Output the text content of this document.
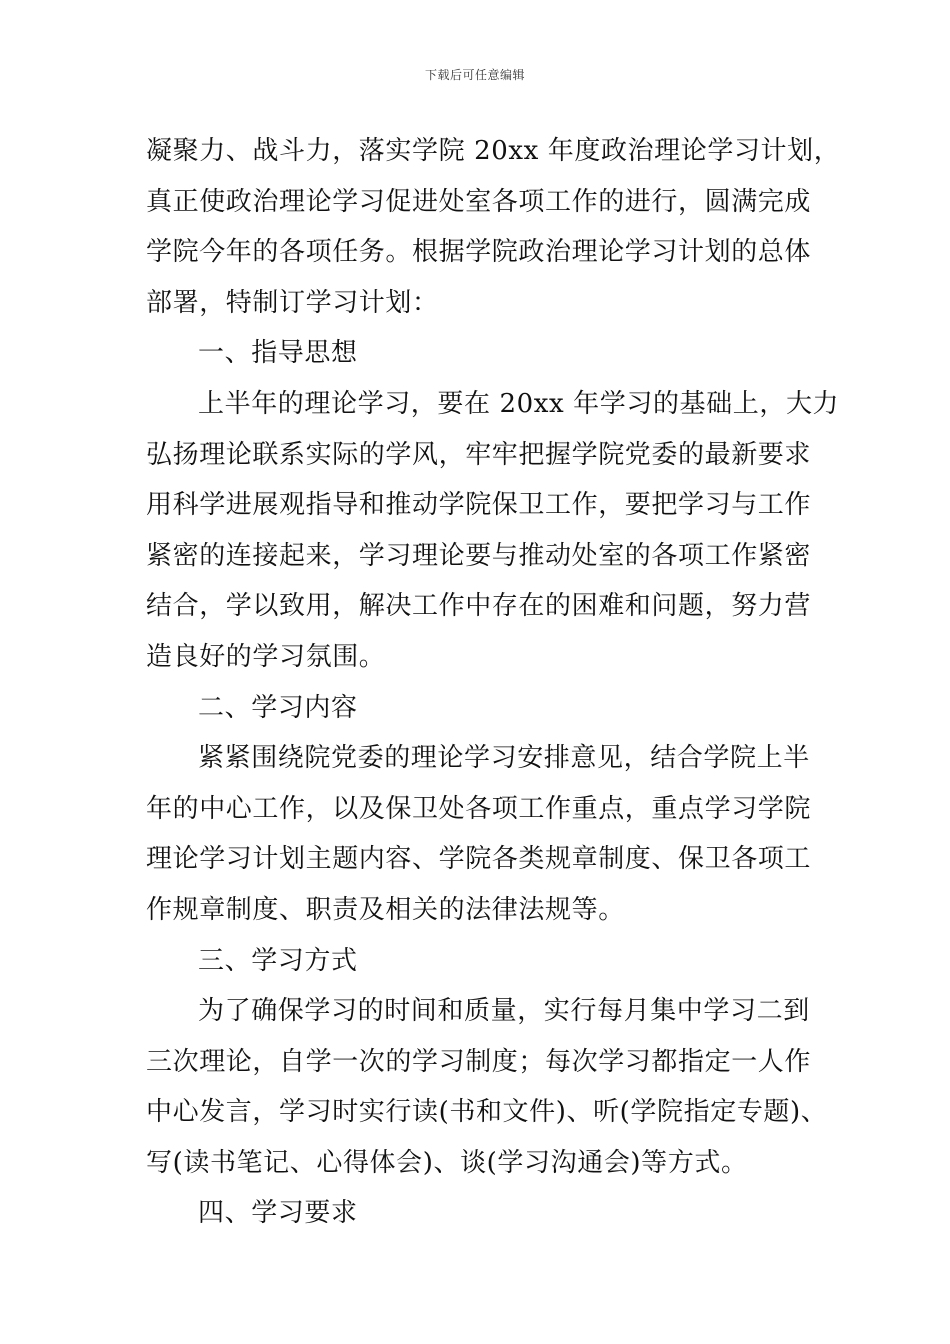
下载后可任意编辑
凝聚力、战斗力，落实学院 20xx 年度政治理论学习计划，
真正使政治理论学习促进处室各项工作的进行，圆满完成
学院今年的各项任务。根据学院政治理论学习计划的总体
部署，特制订学习计划：
一、指导思想
上半年的理论学习，要在 20xx 年学习的基础上，大力
弘扬理论联系实际的学风，牢牢把握学院党委的最新要求
用科学进展观指导和推动学院保卫工作，要把学习与工作
紧密的连接起来，学习理论要与推动处室的各项工作紧密
结合，学以致用，解决工作中存在的困难和问题，努力营
造良好的学习氛围。
二、学习内容
紧紧围绕院党委的理论学习安排意见，结合学院上半
年的中心工作，以及保卫处各项工作重点，重点学习学院
理论学习计划主题内容、学院各类规章制度、保卫各项工
作规章制度、职责及相关的法律法规等。
三、学习方式
为了确保学习的时间和质量，实行每月集中学习二到
三次理论，自学一次的学习制度；每次学习都指定一人作
中心发言，学习时实行读(书和文件)、听(学院指定专题)、
写(读书笔记、心得体会)、谈(学习沟通会)等方式。
四、学习要求
